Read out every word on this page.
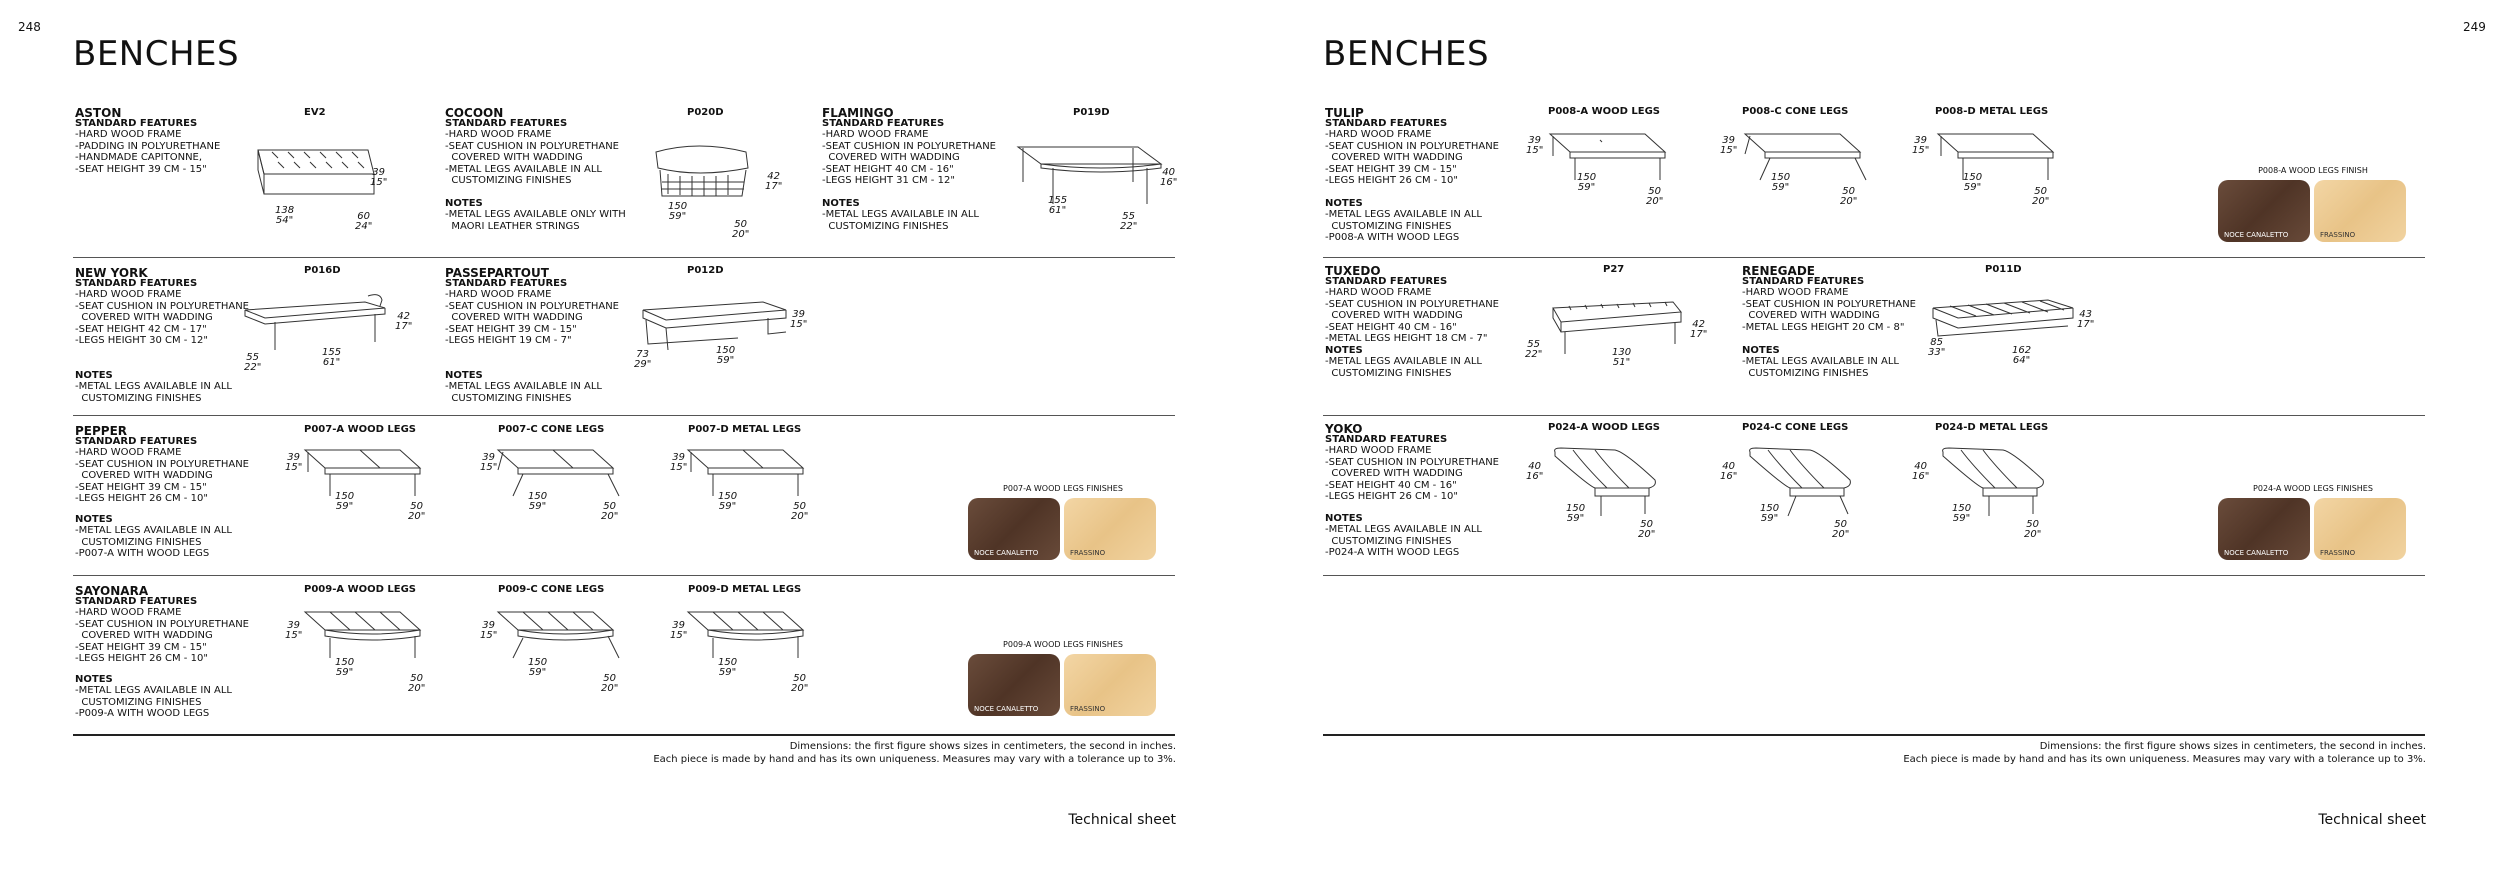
248
BENCHES
ASTON
STANDARD FEATURES
-HARD WOOD FRAME
-PADDING IN POLYURETHANE
-HANDMADE CAPITONNE,
-SEAT HEIGHT 39 CM - 15"
EV2
39
15"
138
54"	60
24"
COCOON
STANDARD FEATURES
-HARD WOOD FRAME
-SEAT CUSHION IN POLYURETHANE
COVERED WITH WADDING
-METAL LEGS AVAILABLE IN ALL
CUSTOMIZING FINISHES
NOTES
-METAL LEGS AVAILABLE ONLY WITH
MAORI LEATHER STRINGS
P020D
42
17"
150
59"
50
20"
FLAMINGO
STANDARD FEATURES
-HARD WOOD FRAME
-SEAT CUSHION IN POLYURETHANE
COVERED WITH WADDING
-SEAT HEIGHT 40 CM - 16"
-LEGS HEIGHT 31 CM - 12"
NOTES
-METAL LEGS AVAILABLE IN ALL
CUSTOMIZING FINISHES
P019D
40
16"
155
61"
55
22"
NEW YORK
STANDARD FEATURES
-HARD WOOD FRAME
-SEAT CUSHION IN POLYURETHANE
COVERED WITH WADDING
-SEAT HEIGHT 42 CM - 17"
-LEGS HEIGHT 30 CM - 12"
NOTES
-METAL LEGS AVAILABLE IN ALL
CUSTOMIZING FINISHES
P016D
42
17"
155
61"
55
22"
PASSEPARTOUT
STANDARD FEATURES
-HARD WOOD FRAME
-SEAT CUSHION IN POLYURETHANE
COVERED WITH WADDING
-SEAT HEIGHT 39 CM - 15"
-LEGS HEIGHT 19 CM - 7"
NOTES
-METAL LEGS AVAILABLE IN ALL
CUSTOMIZING FINISHES
P012D
39
15"
150
59"
73
29"
PEPPER
STANDARD FEATURES
-HARD WOOD FRAME
-SEAT CUSHION IN POLYURETHANE
COVERED WITH WADDING
-SEAT HEIGHT 39 CM - 15"
-LEGS HEIGHT 26 CM - 10"
NOTES
-METAL LEGS AVAILABLE IN ALL
CUSTOMIZING FINISHES
-P007-A WITH WOOD LEGS
P007-A WOOD LEGS	P007-C CONE LEGS	P007-D METAL LEGS
39
15"
150
59"	50
20"
39
15"
150
59"	50
20"
39
15"
150
59"	50
20"
P007-A WOOD LEGS FINISHES
NOCE CANALETTO	FRASSINO
SAYONARA
STANDARD FEATURES
-HARD WOOD FRAME
-SEAT CUSHION IN POLYURETHANE
COVERED WITH WADDING
-SEAT HEIGHT 39 CM - 15"
-LEGS HEIGHT 26 CM - 10"
NOTES
-METAL LEGS AVAILABLE IN ALL
CUSTOMIZING FINISHES
-P009-A WITH WOOD LEGS
P009-A WOOD LEGS	P009-C CONE LEGS	P009-D METAL LEGS
39
15"
150
59"
50
20"
39
15"
150
59"
50
20"
39
15"
150
59"
50
20"
P009-A WOOD LEGS FINISHES
NOCE CANALETTO	FRASSINO
Dimensions: the first figure shows sizes in centimeters, the second in inches.
Each piece is made by hand and has its own uniqueness. Measures may vary with a tolerance up to 3%.
Technical sheet
249
BENCHES
TULIP
STANDARD FEATURES
-HARD WOOD FRAME
-SEAT CUSHION IN POLYURETHANE
COVERED WITH WADDING
-SEAT HEIGHT 39 CM - 15"
-LEGS HEIGHT 26 CM - 10"
NOTES
-METAL LEGS AVAILABLE IN ALL
CUSTOMIZING FINISHES
-P008-A WITH WOOD LEGS
P008-A WOOD LEGS	P008-C CONE LEGS	P008-D METAL LEGS
39
15"
150
59"	50
20"
39
15"
150
59"	50
20"
39
15"
150
59"	50
20"
P008-A WOOD LEGS FINISH
NOCE CANALETTO	FRASSINO
TUXEDO
STANDARD FEATURES
-HARD WOOD FRAME
-SEAT CUSHION IN POLYURETHANE
COVERED WITH WADDING
-SEAT HEIGHT 40 CM - 16"
-METAL LEGS HEIGHT 18 CM - 7"
NOTES
-METAL LEGS AVAILABLE IN ALL
CUSTOMIZING FINISHES
P27
42
17"
130
51"
55
22"
RENEGADE
STANDARD FEATURES
-HARD WOOD FRAME
-SEAT CUSHION IN POLYURETHANE
COVERED WITH WADDING
-METAL LEGS HEIGHT 20 CM - 8"
NOTES
-METAL LEGS AVAILABLE IN ALL
CUSTOMIZING FINISHES
P011D
43
17"
162
64"
85
33"
YOKO
STANDARD FEATURES
-HARD WOOD FRAME
-SEAT CUSHION IN POLYURETHANE
COVERED WITH WADDING
-SEAT HEIGHT 40 CM - 16"
-LEGS HEIGHT 26 CM - 10"
NOTES
-METAL LEGS AVAILABLE IN ALL
CUSTOMIZING FINISHES
-P024-A WITH WOOD LEGS
P024-A WOOD LEGS	P024-C CONE LEGS	P024-D METAL LEGS
40
16"
150
59"
50
20"
40
16"
150
59"
50
20"
40
16"
150
59"
50
20"
P024-A WOOD LEGS FINISHES
NOCE CANALETTO	FRASSINO
Dimensions: the first figure shows sizes in centimeters, the second in inches.
Each piece is made by hand and has its own uniqueness. Measures may vary with a tolerance up to 3%.
Technical sheet
